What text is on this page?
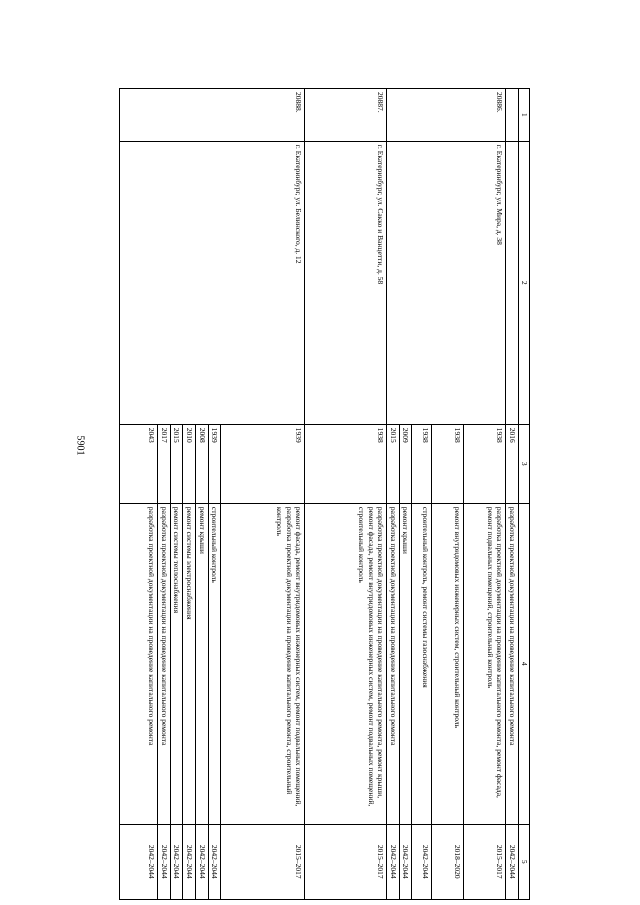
5901
1	2	3	4	5
		2016	разработка проектной документации на проведение капитального ремонта	2042–2044
20886.	г. Екатеринбург, ул. Мира, д. 38	1938	разработка проектной документации на проведение капитального ремонта, ремонт фасада, ремонт подвальных помещений, строительный контроль	2015–2017
		1938	ремонт внутридомовых инженерных систем, строительный контроль	2018–2020
		1938	строительный контроль, ремонт системы газоснабжения	2042–2044
		2009	ремонт крыши	2042–2044
		2015	разработка проектной документации на проведение капитального ремонта	2042–2044
20887.	г. Екатеринбург, ул. Сакко и Ванцетти, д. 58	1938	разработка проектной документации на проведение капитального ремонта, ремонт крыши, ремонт фасада, ремонт внутридомовых инженерных систем, ремонт подвальных помещений, строительный контроль	2015–2017
20888.	г. Екатеринбург, ул. Белинского, д. 12	1939	ремонт фасада, ремонт внутридомовых инженерных систем, ремонт подвальных помещений, разработка проектной документации на проведение капитального ремонта, строительный контроль	2015–2017
		1939	строительный контроль	2042–2044
		2008	ремонт крыши	2042–2044
		2010	ремонт системы электроснабжения	2042–2044
		2015	ремонт системы теплоснабжения	2042–2044
		2017	разработка проектной документации на проведение капитального ремонта	2042–2044
		2043	разработка проектной документации на проведение капитального ремонта	2042–2044
